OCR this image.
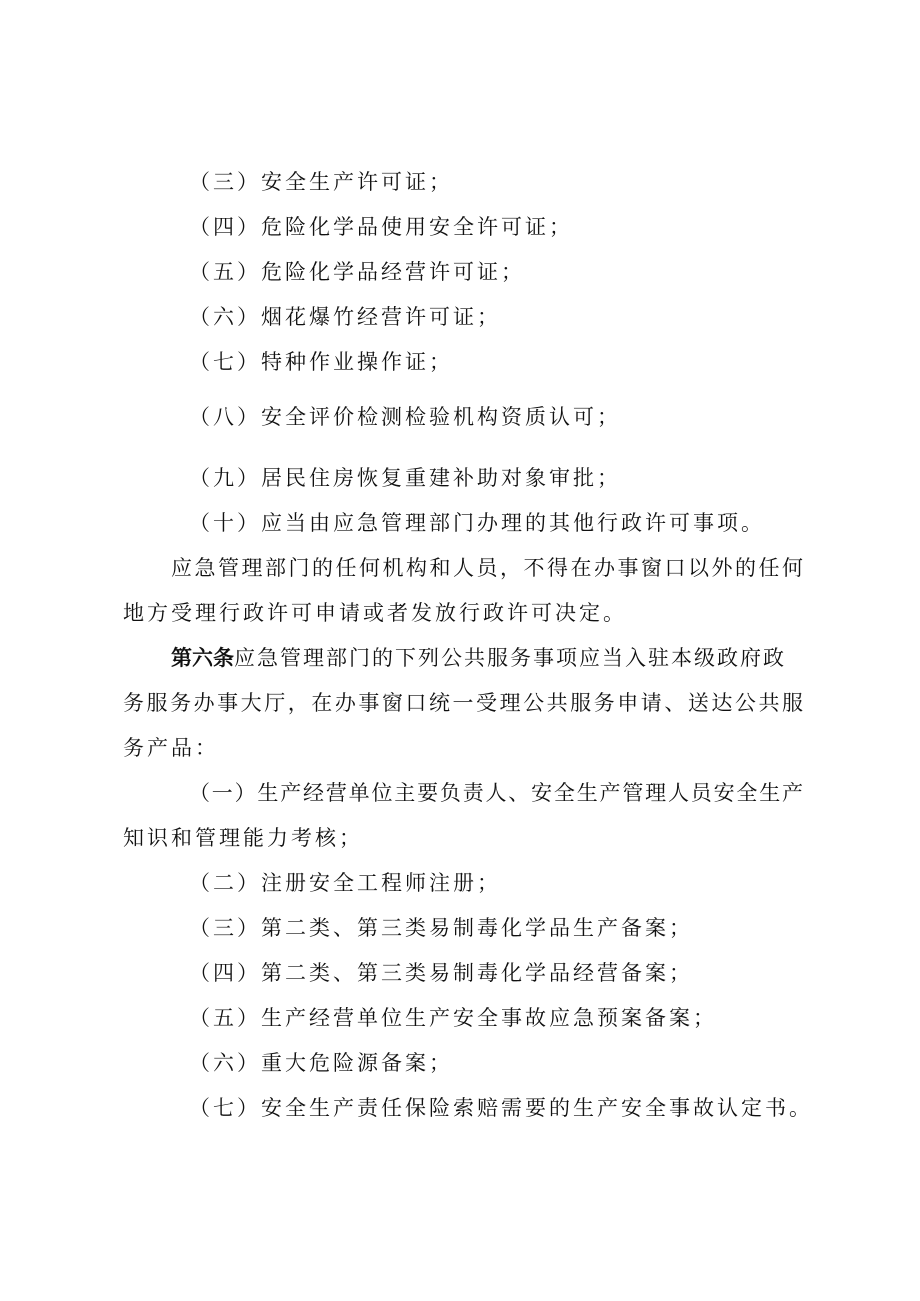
（三）安全生产许可证；
（四）危险化学品使用安全许可证；
（五）危险化学品经营许可证；
（六）烟花爆竹经营许可证；
（七）特种作业操作证；
（八）安全评价检测检验机构资质认可；
（九）居民住房恢复重建补助对象审批；
（十）应当由应急管理部门办理的其他行政许可事项。
应急管理部门的任何机构和人员，不得在办事窗口以外的任何
地方受理行政许可申请或者发放行政许可决定。
第六条应急管理部门的下列公共服务事项应当入驻本级政府政
务服务办事大厅，在办事窗口统一受理公共服务申请、送达公共服
务产品：
（一）生产经营单位主要负责人、安全生产管理人员安全生产
知识和管理能力考核；
（二）注册安全工程师注册；
（三）第二类、第三类易制毒化学品生产备案；
（四）第二类、第三类易制毒化学品经营备案；
（五）生产经营单位生产安全事故应急预案备案；
（六）重大危险源备案；
（七）安全生产责任保险索赔需要的生产安全事故认定书。
